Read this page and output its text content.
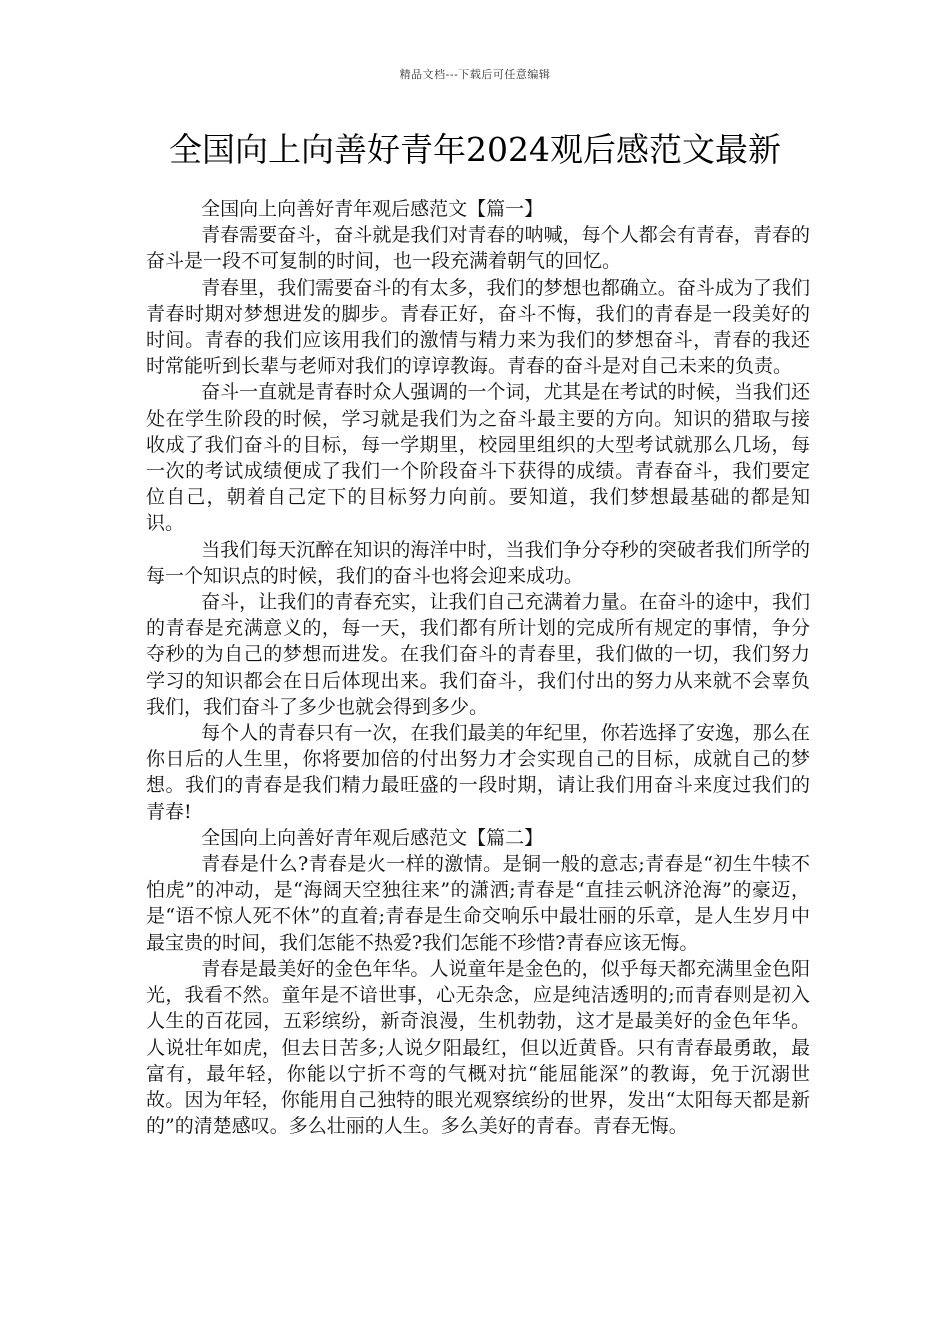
精品文档---下载后可任意编辑
全国向上向善好青年2024观后感范文最新

全国向上向善好青年观后感范文【篇一】

青春需要奋斗，奋斗就是我们对青春的呐喊，每个人都会有青春，青春的奋斗是一段不可复制的时间，也一段充满着朝气的回忆。

青春里，我们需要奋斗的有太多，我们的梦想也都确立。奋斗成为了我们青春时期对梦想进发的脚步。青春正好，奋斗不悔，我们的青春是一段美好的时间。青春的我们应该用我们的激情与精力来为我们的梦想奋斗，青春的我还时常能听到长辈与老师对我们的谆谆教诲。青春的奋斗是对自己未来的负责。

奋斗一直就是青春时众人强调的一个词，尤其是在考试的时候，当我们还处在学生阶段的时候，学习就是我们为之奋斗最主要的方向。知识的猎取与接收成了我们奋斗的目标，每一学期里，校园里组织的大型考试就那么几场，每一次的考试成绩便成了我们一个阶段奋斗下获得的成绩。青春奋斗，我们要定位自己，朝着自己定下的目标努力向前。要知道，我们梦想最基础的都是知识。

当我们每天沉醉在知识的海洋中时，当我们争分夺秒的突破者我们所学的每一个知识点的时候，我们的奋斗也将会迎来成功。

奋斗，让我们的青春充实，让我们自己充满着力量。在奋斗的途中，我们的青春是充满意义的，每一天，我们都有所计划的完成所有规定的事情，争分夺秒的为自己的梦想而进发。在我们奋斗的青春里，我们做的一切，我们努力学习的知识都会在日后体现出来。我们奋斗，我们付出的努力从来就不会辜负我们，我们奋斗了多少也就会得到多少。

每个人的青春只有一次，在我们最美的年纪里，你若选择了安逸，那么在你日后的人生里，你将要加倍的付出努力才会实现自己的目标，成就自己的梦想。我们的青春是我们精力最旺盛的一段时期，请让我们用奋斗来度过我们的青春!

全国向上向善好青年观后感范文【篇二】

青春是什么?青春是火一样的激情。是铜一般的意志;青春是“初生牛犊不怕虎”的冲动，是“海阔天空独往来”的潇洒;青春是“直挂云帆济沧海”的豪迈，是“语不惊人死不休”的直着;青春是生命交响乐中最壮丽的乐章，是人生岁月中最宝贵的时间，我们怎能不热爱?我们怎能不珍惜?青春应该无悔。

青春是最美好的金色年华。人说童年是金色的，似乎每天都充满里金色阳光，我看不然。童年是不谙世事，心无杂念，应是纯洁透明的;而青春则是初入人生的百花园，五彩缤纷，新奇浪漫，生机勃勃，这才是最美好的金色年华。人说壮年如虎，但去日苦多;人说夕阳最红，但以近黄昏。只有青春最勇敢，最富有，最年轻，你能以宁折不弯的气概对抗“能屈能深”的教诲，免于沉溺世故。因为年轻，你能用自己独特的眼光观察缤纷的世界，发出“太阳每天都是新的”的清楚感叹。多么壮丽的人生。多么美好的青春。青春无悔。
